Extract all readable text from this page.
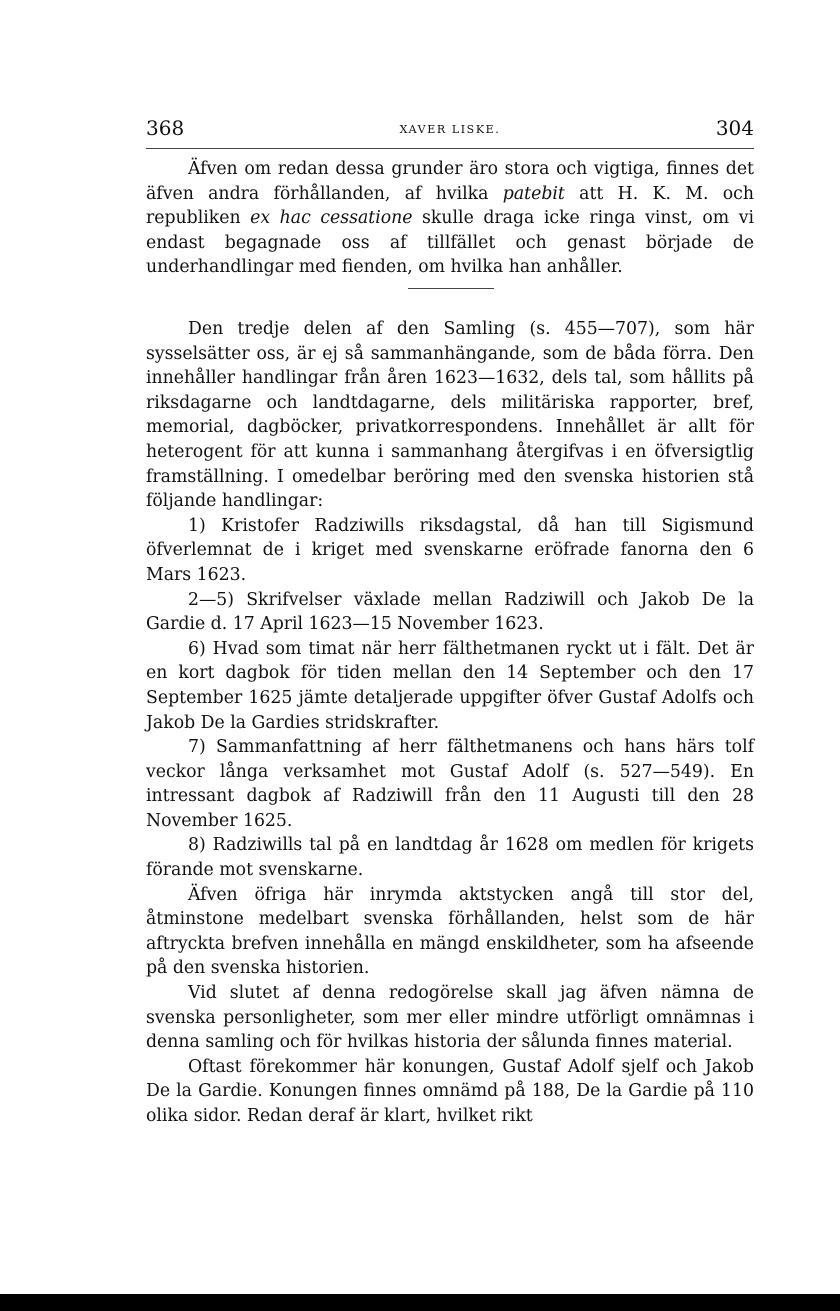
368	XAVER LISKE.	304

Äfven om redan dessa grunder äro stora och vigtiga, finnes det äfven andra förhållanden, af hvilka patebit att H. K. M. och republiken ex hac cessatione skulle draga icke ringa vinst, om vi endast begagnade oss af tillfället och genast började de underhandlingar med fienden, om hvilka han anhåller.

Den tredje delen af den Samling (s. 455—707), som här sysselsätter oss, är ej så sammanhängande, som de båda förra. Den innehåller handlingar från åren 1623—1632, dels tal, som hållits på riksdagarne och landtdagarne, dels militäriska rapporter, bref, memorial, dagböcker, privatkorrespondens. Innehållet är allt för heterogent för att kunna i sammanhang återgifvas i en öfversigtlig framställning. I omedelbar beröring med den svenska historien stå följande handlingar:

1) Kristofer Radziwills riksdagstal, då han till Sigismund öfverlemnat de i kriget med svenskarne eröfrade fanorna den 6 Mars 1623.

2—5) Skrifvelser växlade mellan Radziwill och Jakob De la Gardie d. 17 April 1623—15 November 1623.

6) Hvad som timat när herr fälthetmanen ryckt ut i fält. Det är en kort dagbok för tiden mellan den 14 September och den 17 September 1625 jämte detaljerade uppgifter öfver Gustaf Adolfs och Jakob De la Gardies stridskrafter.

7) Sammanfattning af herr fälthetmanens och hans härs tolf veckor långa verksamhet mot Gustaf Adolf (s. 527—549). En intressant dagbok af Radziwill från den 11 Augusti till den 28 November 1625.

8) Radziwills tal på en landtdag år 1628 om medlen för krigets förande mot svenskarne.

Äfven öfriga här inrymda aktstycken angå till stor del, åtminstone medelbart svenska förhållanden, helst som de här aftryckta brefven innehålla en mängd enskildheter, som ha afseende på den svenska historien.

Vid slutet af denna redogörelse skall jag äfven nämna de svenska personligheter, som mer eller mindre utförligt omnämnas i denna samling och för hvilkas historia der sålunda finnes material.

Oftast förekommer här konungen, Gustaf Adolf sjelf och Jakob De la Gardie. Konungen finnes omnämd på 188, De la Gardie på 110 olika sidor. Redan deraf är klart, hvilket rikt
